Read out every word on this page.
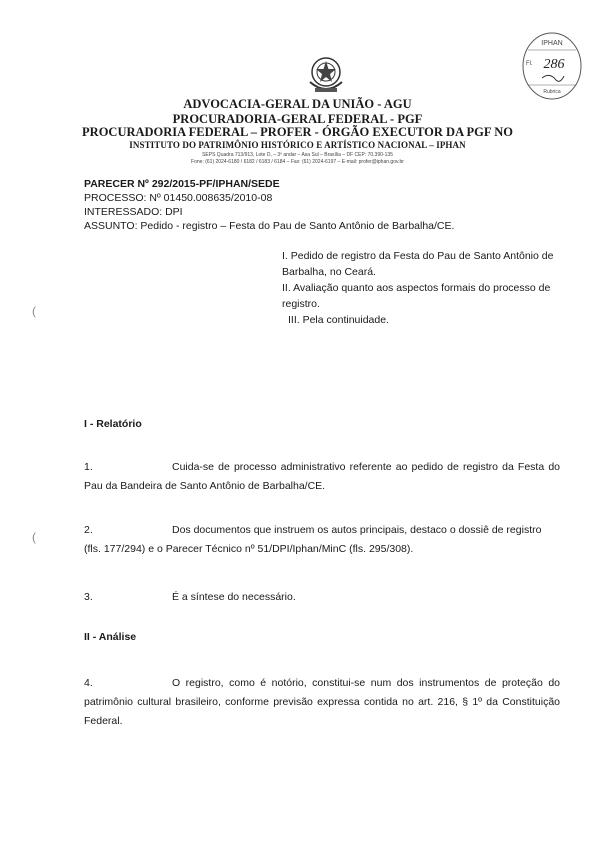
IPHAN
Fl. 286
Rubrica
ADVOCACIA-GERAL DA UNIÃO - AGU
PROCURADORIA-GERAL FEDERAL - PGF
PROCURADORIA FEDERAL – PROFER - ÓRGÃO EXECUTOR DA PGF NO
INSTITUTO DO PATRIMÔNIO HISTÓRICO E ARTÍSTICO NACIONAL – IPHAN
SEPS Quadra 713/913, Lote D, – 3º andar – Asa Sul – Brasília – DF CEP: 70.390-135
Fone: (61) 2024-6180 / 6182 / 6183 / 6184 – Fax: (61) 2024-6197 – E-mail: profer@iphan.gov.br
PARECER Nº 292/2015-PF/IPHAN/SEDE
PROCESSO: Nº 01450.008635/2010-08
INTERESSADO: DPI
ASSUNTO: Pedido - registro – Festa do Pau de Santo Antônio de Barbalha/CE.

I. Pedido de registro da Festa do Pau de Santo Antônio de Barbalha, no Ceará.

II. Avaliação quanto aos aspectos formais do processo de registro.

III. Pela continuidade.

(
(
I - Relatório
1.	Cuida-se de processo administrativo referente ao pedido de registro da Festa do Pau da Bandeira de Santo Antônio de Barbalha/CE.
2.	Dos documentos que instruem os autos principais, destaco o dossiê de registro (fls. 177/294) e o Parecer Técnico nº 51/DPI/Iphan/MinC (fls. 295/308).
3.	É a síntese do necessário.
II - Análise
4.	O registro, como é notório, constitui-se num dos instrumentos de proteção do patrimônio cultural brasileiro, conforme previsão expressa contida no art. 216, § 1º da Constituição Federal.
